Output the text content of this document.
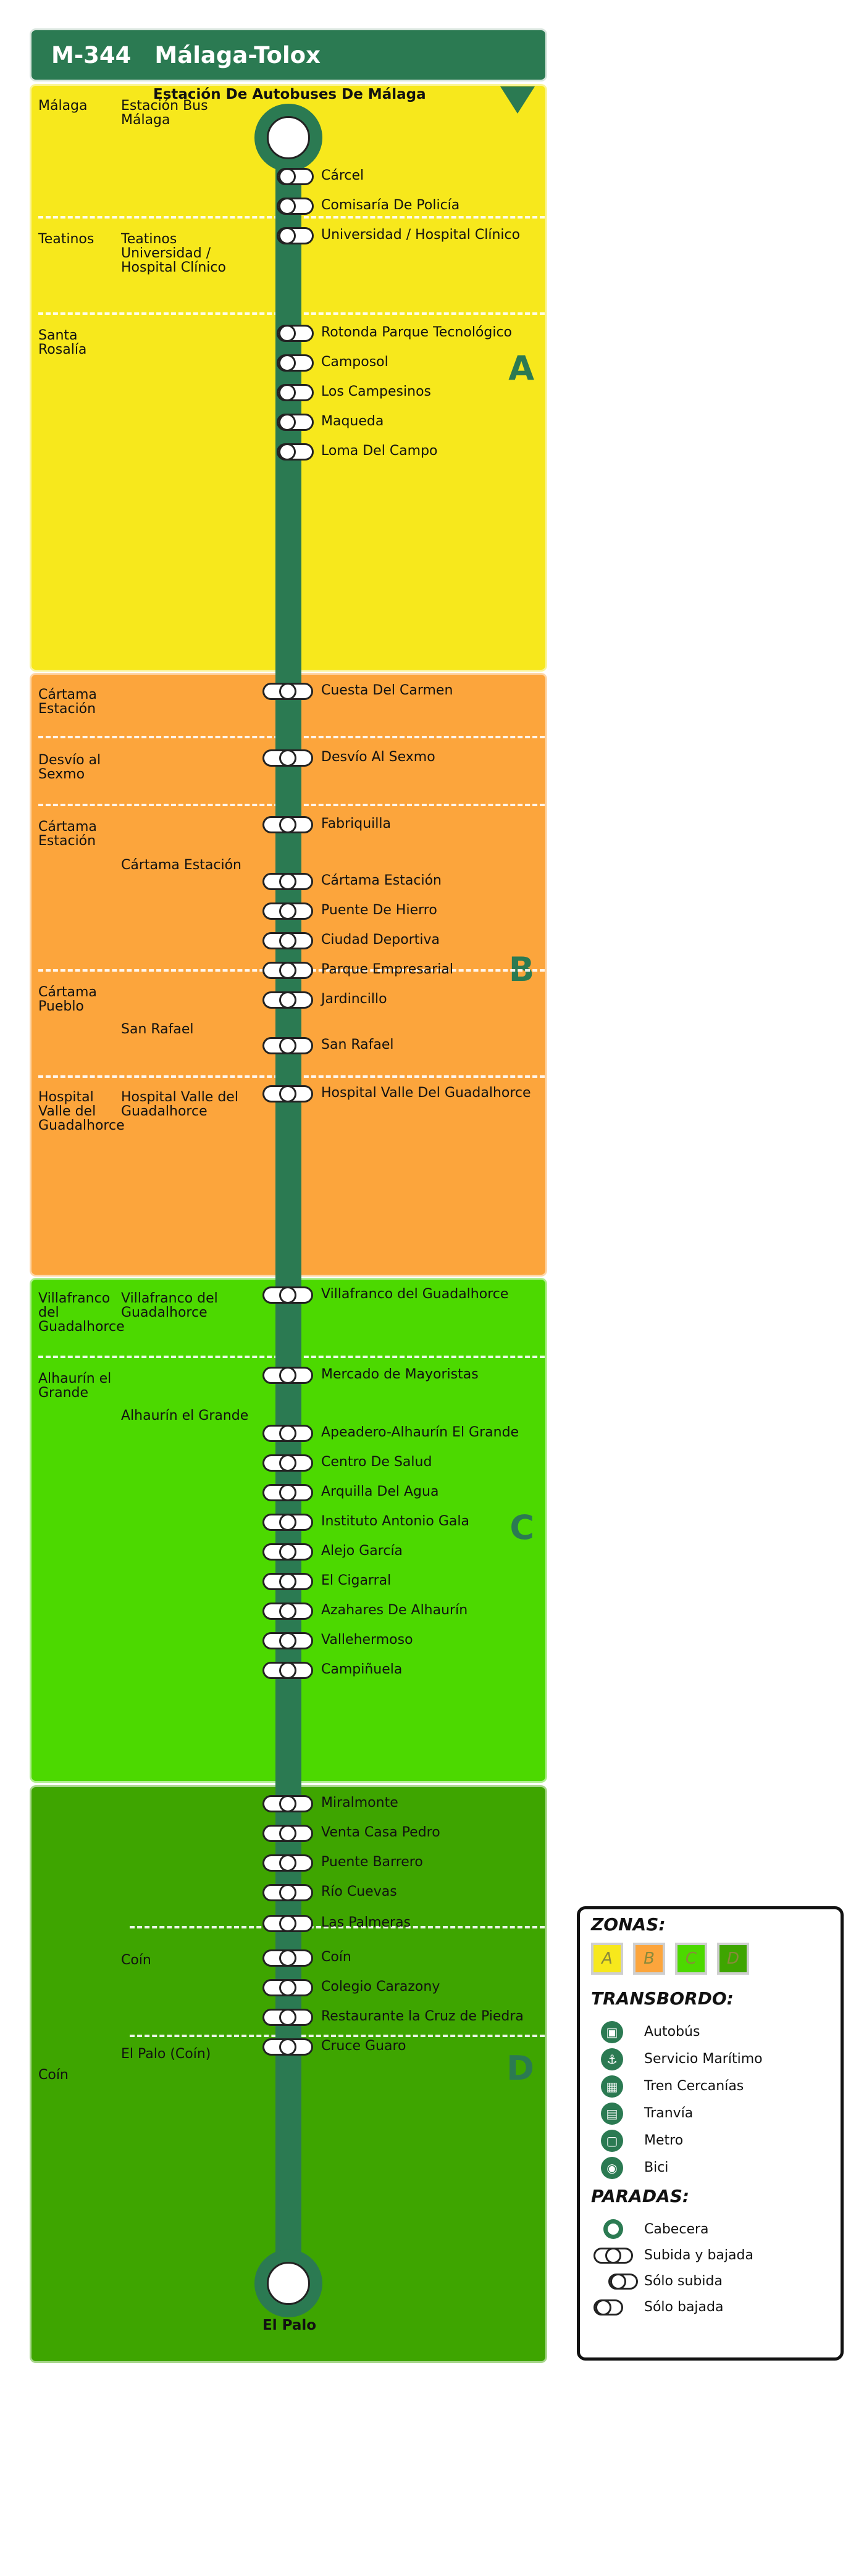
M-344 Málaga-Tolox
A
B
C
D
Málaga
Teatinos
Santa Rosalía
Cártama Estación
Desvío al Sexmo
Cártama Estación
Cártama Pueblo
Hospital Valle del Guadalhorce
Villafranco del Guadalhorce
Alhaurín el Grande
Coín
Estación Bus Málaga
Teatinos Universidad / Hospital Clínico
Cártama Estación
San Rafael
Hospital Valle del Guadalhorce
Villafranco del Guadalhorce
Alhaurín el Grande
Coín
El Palo (Coín)
Estación De Autobuses De Málaga
El Palo
Cárcel
Comisaría De Policía
Universidad / Hospital Clínico
Rotonda Parque Tecnológico
Camposol
Los Campesinos
Maqueda
Loma Del Campo
Cuesta Del Carmen
Desvío Al Sexmo
Fabriquilla
Cártama Estación
Puente De Hierro
Ciudad Deportiva
Parque Empresarial
Jardincillo
San Rafael
Hospital Valle Del Guadalhorce
Villafranco del Guadalhorce
Mercado de Mayoristas
Apeadero-Alhaurín El Grande
Centro De Salud
Arquilla Del Agua
Instituto Antonio Gala
Alejo García
El Cigarral
Azahares De Alhaurín
Vallehermoso
Campiñuela
Miralmonte
Venta Casa Pedro
Puente Barrero
Río Cuevas
Las Palmeras
Coín
Colegio Carazony
Restaurante la Cruz de Piedra
Cruce Guaro
ZONAS:
A	B	C	D
TRANSBORDO:
▣	Autobús
⚓	Servicio Marítimo
▦	Tren Cercanías
▤	Tranvía
▢	Metro
◉	Bici
PARADAS:
Cabecera
Subida y bajada
Sólo subida
Sólo bajada
